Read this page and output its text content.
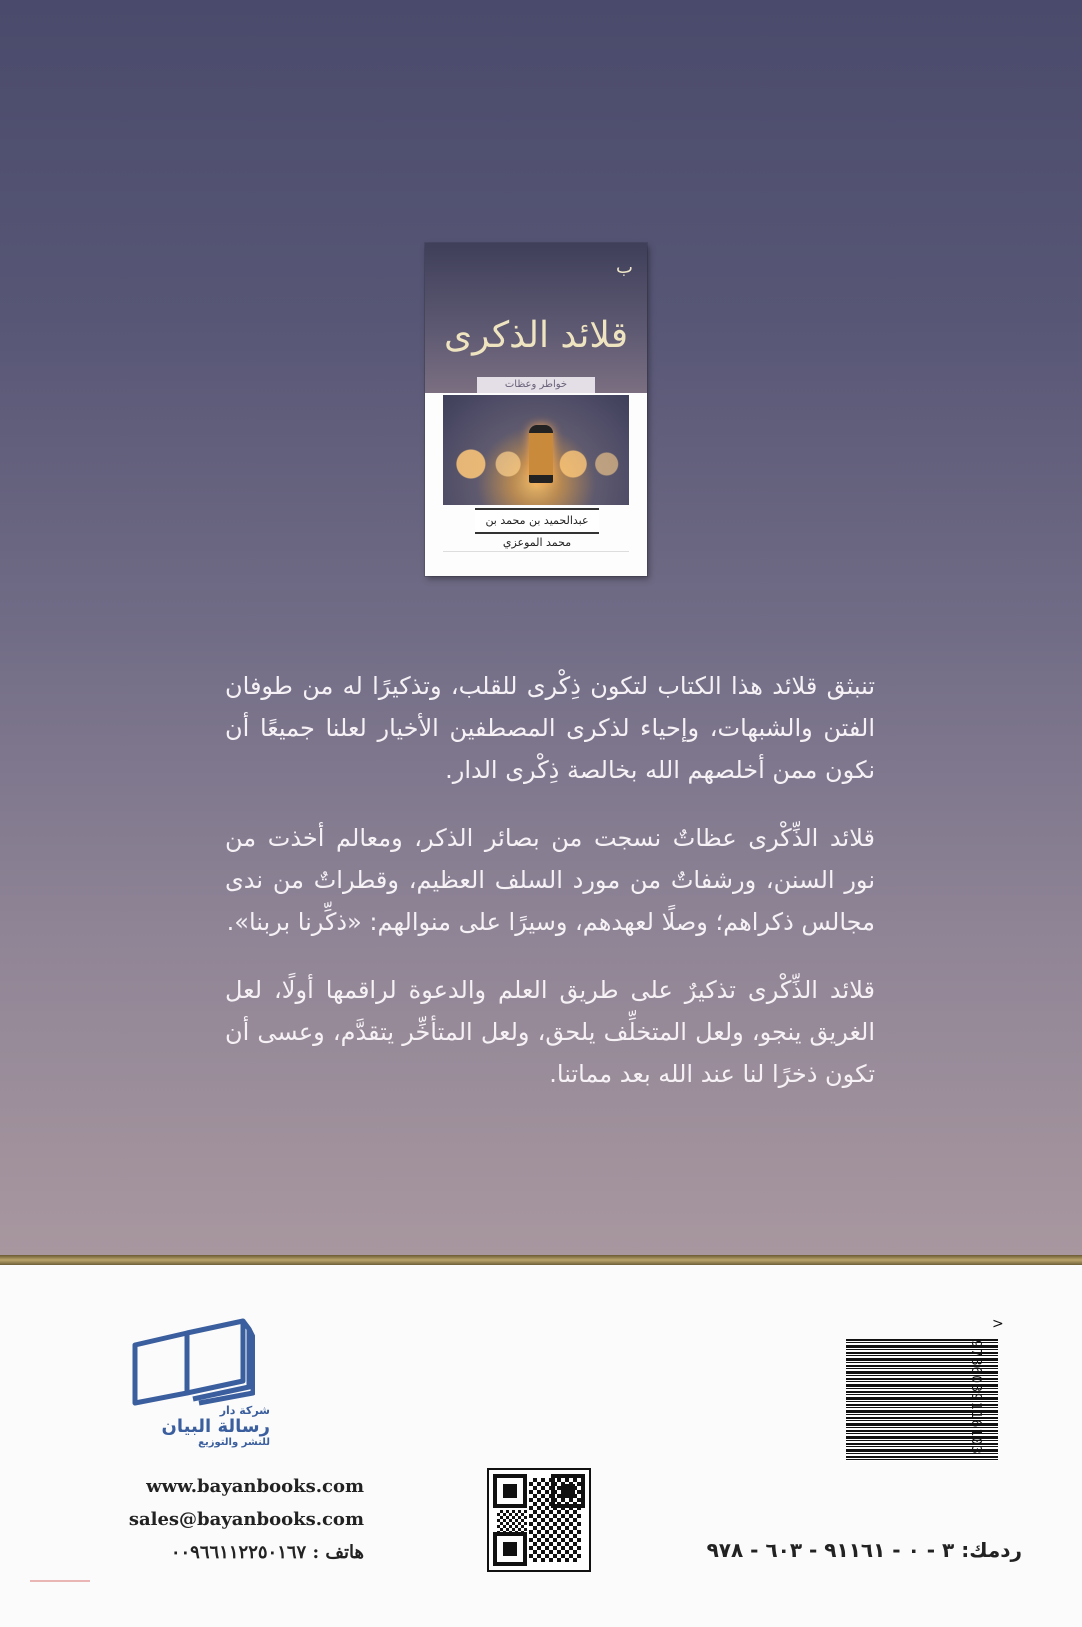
ب
قلائد الذكرى
خواطر وعظات
عبدالحميد بن محمد بن محمد الموعزي

تنبثق قلائد هذا الكتاب لتكون ذِكْرى للقلب، وتذكيرًا له من طوفان الفتن والشبهات، وإحياء لذكرى المصطفين الأخيار لعلنا جميعًا أن نكون ممن أخلصهم الله بخالصة ذِكْرى الدار.

قلائد الذِّكْرى عظاتٌ نسجت من بصائر الذكر، ومعالم أخذت من نور السنن، ورشفاتٌ من مورد السلف العظيم، وقطراتٌ من ندى مجالس ذكراهم؛ وصلًا لعهدهم، وسيرًا على منوالهم: «ذكِّرنا بربنا».

قلائد الذِّكْرى تذكيرٌ على طريق العلم والدعوة لراقمها أولًا، لعل الغريق ينجو، ولعل المتخلِّف يلحق، ولعل المتأخِّر يتقدَّم، وعسى أن تكون ذخرًا لنا عند الله بعد مماتنا.

>
9786039116103
ردمك: ٣ - ٠ - ٩١١٦١ - ٦٠٣ - ٩٧٨
شركة دار
رسالة البيان
للنشر والتوزيع
www.bayanbooks.com
sales@bayanbooks.com
هاتف : ٠٠٩٦٦١١٢٢٥٠١٦٧
